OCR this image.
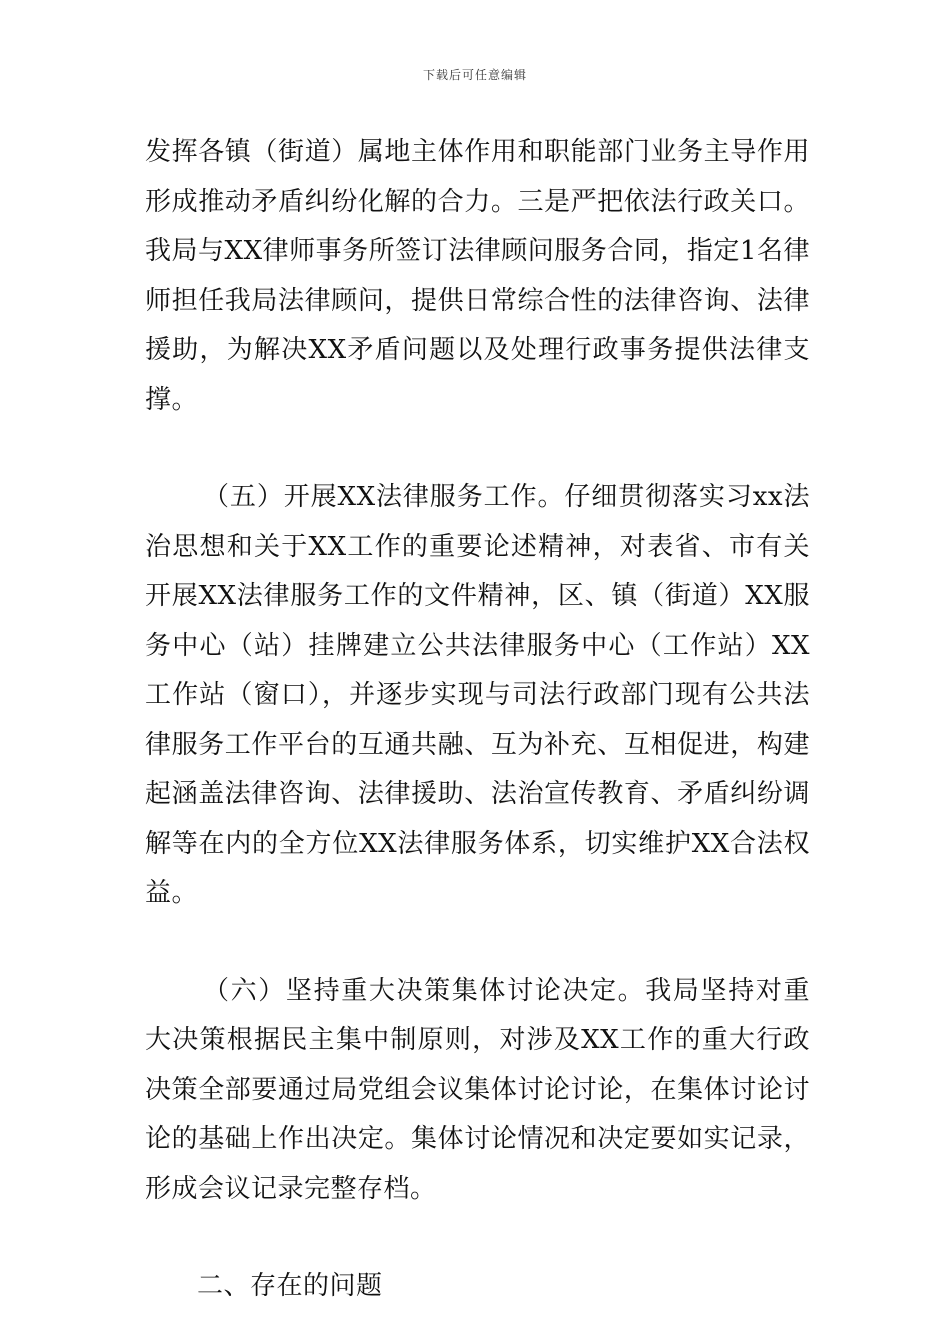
下载后可任意编辑

发挥各镇（街道）属地主体作用和职能部门业务主导作用形成推动矛盾纠纷化解的合力。三是严把依法行政关口。我局与XX律师事务所签订法律顾问服务合同，指定1名律师担任我局法律顾问，提供日常综合性的法律咨询、法律援助，为解决XX矛盾问题以及处理行政事务提供法律支撑。

（五）开展XX法律服务工作。仔细贯彻落实习xx法治思想和关于XX工作的重要论述精神，对表省、市有关开展XX法律服务工作的文件精神，区、镇（街道）XX服务中心（站）挂牌建立公共法律服务中心（工作站）XX工作站（窗口），并逐步实现与司法行政部门现有公共法律服务工作平台的互通共融、互为补充、互相促进，构建起涵盖法律咨询、法律援助、法治宣传教育、矛盾纠纷调解等在内的全方位XX法律服务体系，切实维护XX合法权益。

（六）坚持重大决策集体讨论决定。我局坚持对重大决策根据民主集中制原则，对涉及XX工作的重大行政决策全部要通过局党组会议集体讨论讨论，在集体讨论讨论的基础上作出决定。集体讨论情况和决定要如实记录，形成会议记录完整存档。

二、存在的问题
